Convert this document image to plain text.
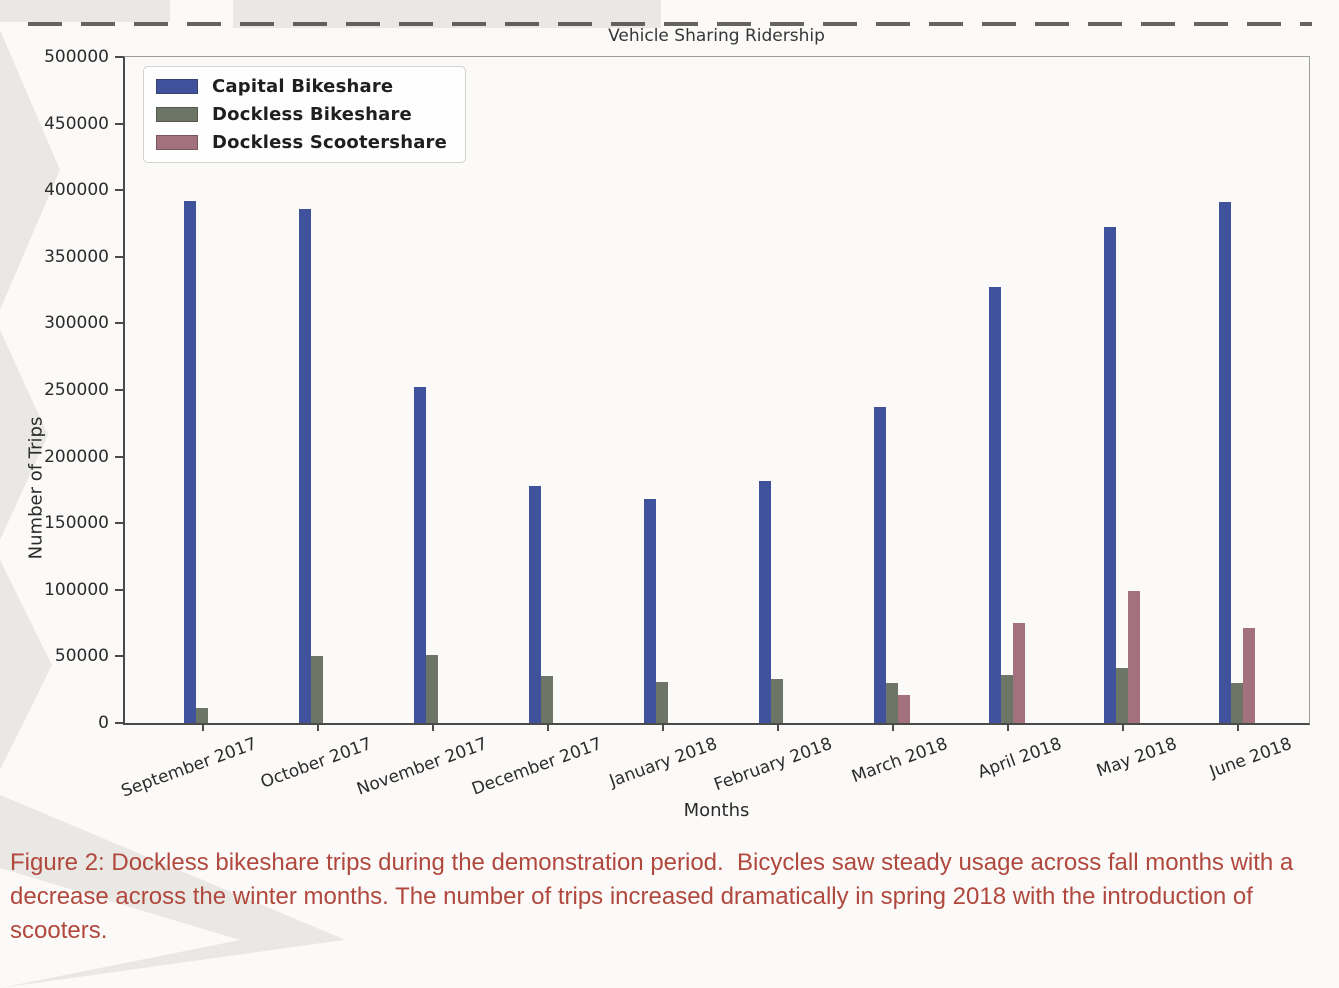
Vehicle Sharing Ridership
Number of Trips
Months
Capital Bikeshare
Dockless Bikeshare
Dockless Scootershare

Figure 2: Dockless bikeshare trips during the demonstration period.  Bicycles saw steady usage across fall months with a decrease across the winter months. The number of trips increased dramatically in spring 2018 with the introduction of scooters.

0
50000
100000
150000
200000
250000
300000
350000
400000
450000
500000
September 2017
October 2017
November 2017
December 2017 January 2018
February 2018 March 2018 April 2018 May 2018 June 2018
